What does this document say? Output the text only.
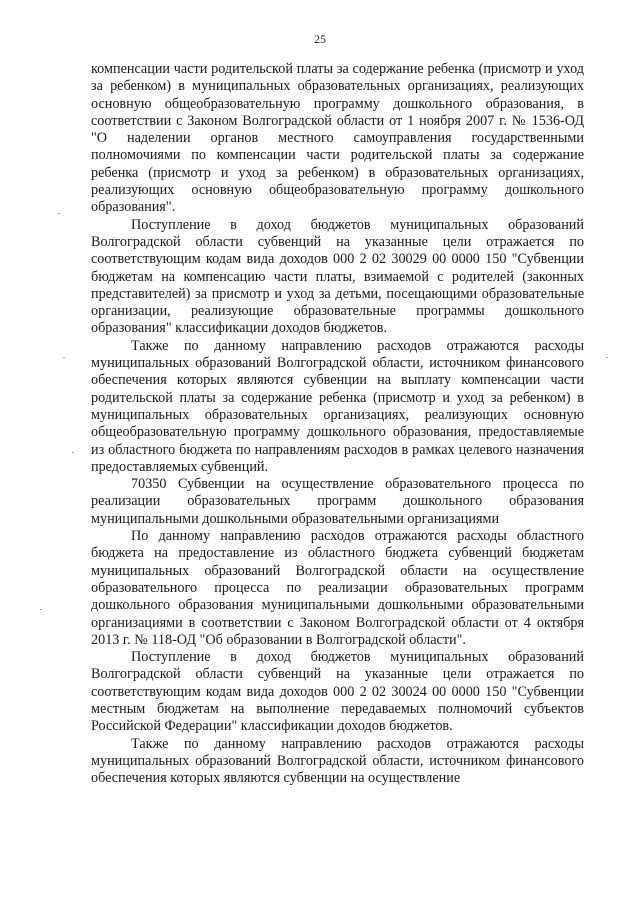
25

компенсации части родительской платы за содержание ребенка (присмотр и уход за ребенком) в муниципальных образовательных организациях, реализующих основную общеобразовательную программу дошкольного образования, в соответствии с Законом Волгоградской области от 1 ноября 2007 г. № 1536-ОД "О наделении органов местного самоуправления государственными полномочиями по компенсации части родительской платы за содержание ребенка (присмотр и уход за ребенком) в образовательных организациях, реализующих основную общеобразовательную программу дошкольного образования".

Поступление в доход бюджетов муниципальных образований Волгоградской области субвенций на указанные цели отражается по соответствующим кодам вида доходов 000 2 02 30029 00 0000 150 "Субвенции бюджетам на компенсацию части платы, взимаемой с родителей (законных представителей) за присмотр и уход за детьми, посещающими образовательные организации, реализующие образовательные программы дошкольного образования" классификации доходов бюджетов.

Также по данному направлению расходов отражаются расходы муниципальных образований Волгоградской области, источником финансового обеспечения которых являются субвенции на выплату компенсации части родительской платы за содержание ребенка (присмотр и уход за ребенком) в муниципальных образовательных организациях, реализующих основную общеобразовательную программу дошкольного образования, предоставляемые из областного бюджета по направлениям расходов в рамках целевого назначения предоставляемых субвенций.

70350 Субвенции на осуществление образовательного процесса по реализации образовательных программ дошкольного образования муниципальными дошкольными образовательными организациями

По данному направлению расходов отражаются расходы областного бюджета на предоставление из областного бюджета субвенций бюджетам муниципальных образований Волгоградской области на осуществление образовательного процесса по реализации образовательных программ дошкольного образования муниципальными дошкольными образовательными организациями в соответствии с Законом Волгоградской области от 4 октября 2013 г. № 118-ОД "Об образовании в Волгоградской области".

Поступление в доход бюджетов муниципальных образований Волгоградской области субвенций на указанные цели отражается по соответствующим кодам вида доходов 000 2 02 30024 00 0000 150 "Субвенции местным бюджетам на выполнение передаваемых полномочий субъектов Российской Федерации" классификации доходов бюджетов.

Также по данному направлению расходов отражаются расходы муниципальных образований Волгоградской области, источником финансового обеспечения которых являются субвенции на осуществление
